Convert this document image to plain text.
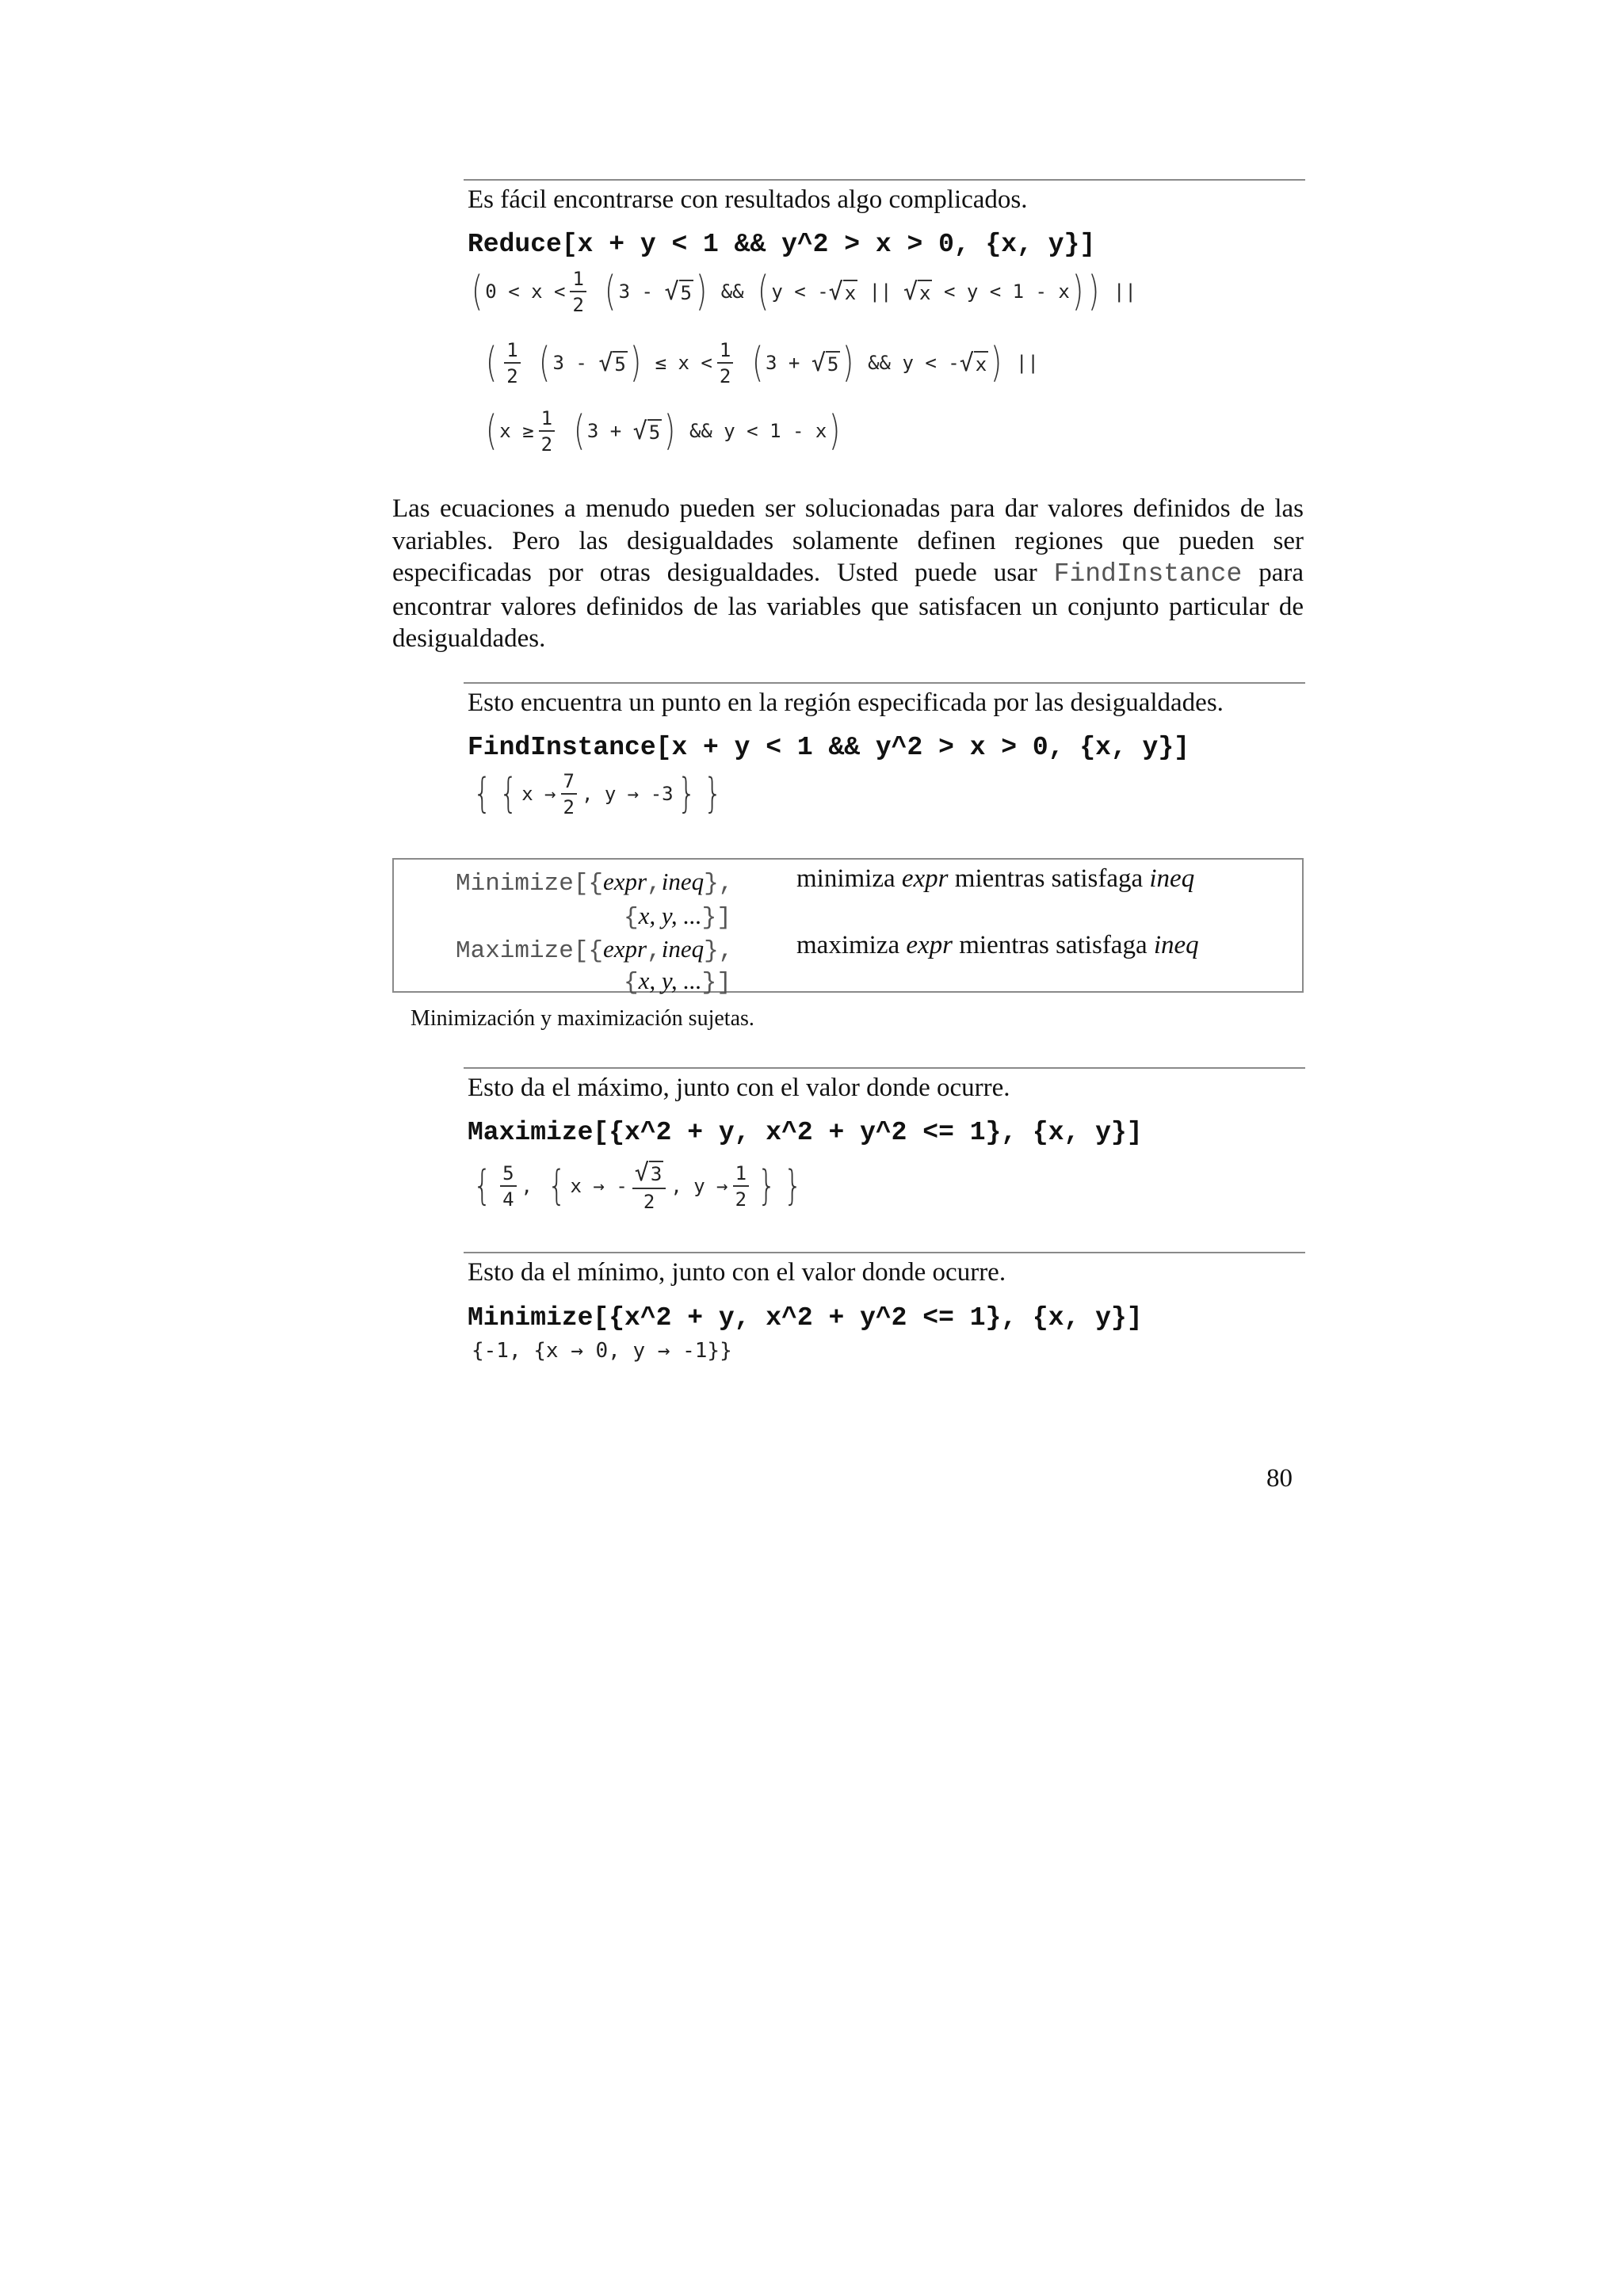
Es fácil encontrarse con resultados algo complicados.
Reduce[x + y < 1 && y^2 > x > 0, {x, y}]
( $0 < x < \frac{1}{2}$
( 3 -
√5 )
&&
( y < - √x
||
√x
< y < 1 - x ) )
||
( $\frac{1}{2}$
( 3 -
√5 )
≤ $x < \frac{1}{2}$
( 3 +
√5 )
&& y < - √x )
||
( $x \ge \frac{1}{2}$
( 3 +
√5 )
&& y < 1 - x )
Las ecuaciones a menudo pueden ser solucionadas para dar valores definidos de las variables. Pero las desigualdades solamente definen regiones que pueden ser especificadas por otras desigualdades. Usted puede usar FindInstance para encontrar valores definidos de las variables que satisfacen un conjunto particular de desigualdades.
Esto encuentra un punto en la región especificada por las desigualdades.
FindInstance[x + y < 1 && y^2 > x > 0, {x, y}]
{ { $x \to \frac{7}{2}$ , y → -3 } }
Minimize[{expr,ineq},
{x, y, ...}]
minimiza expr mientras satisfaga ineq
Maximize[{expr,ineq},
{x, y, ...}]
maximiza expr mientras satisfaga ineq
Minimización y maximización sujetas.
Esto da el máximo, junto con el valor donde ocurre.
Maximize[{x^2 + y, x^2 + y^2 <= 1}, {x, y}]
{ $\frac{5}{4}$ ,
{ x → - $\frac{√3}{2}$ , $y \to \frac{1}{2}$ } }
Esto da el mínimo, junto con el valor donde ocurre.
Minimize[{x^2 + y, x^2 + y^2 <= 1}, {x, y}]
{-1, {x → 0, y → -1}}
80
